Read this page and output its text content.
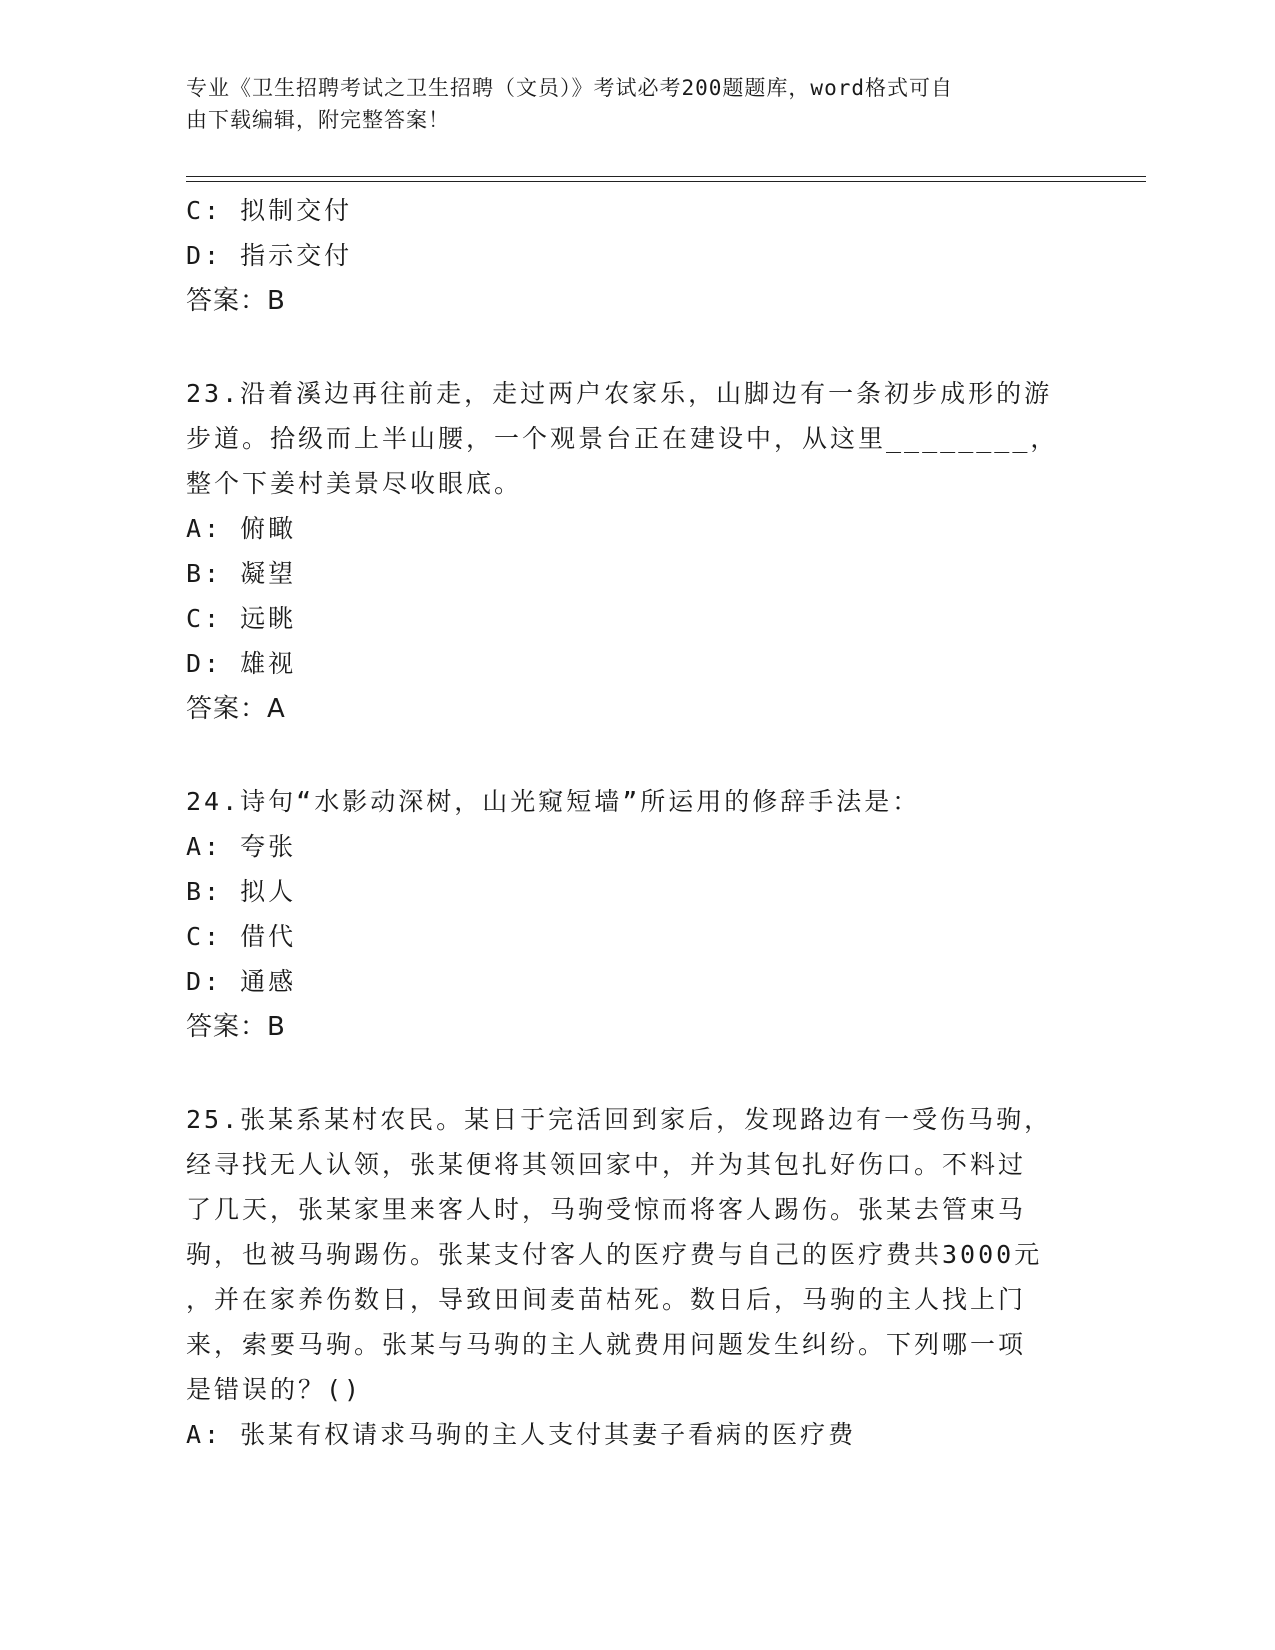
专业《卫生招聘考试之卫生招聘（文员）》考试必考200题题库，word格式可自
由下载编辑，附完整答案！
C: 拟制交付
D: 指示交付
答案：B
23.沿着溪边再往前走，走过两户农家乐，山脚边有一条初步成形的游
步道。拾级而上半山腰，一个观景台正在建设中，从这里________，
整个下姜村美景尽收眼底。
A: 俯瞰
B: 凝望
C: 远眺
D: 雄视
答案：A
24.诗句“水影动深树，山光窥短墙”所运用的修辞手法是：
A: 夸张
B: 拟人
C: 借代
D: 通感
答案：B
25.张某系某村农民。某日于完活回到家后，发现路边有一受伤马驹，
经寻找无人认领，张某便将其领回家中，并为其包扎好伤口。不料过
了几天，张某家里来客人时，马驹受惊而将客人踢伤。张某去管束马
驹，也被马驹踢伤。张某支付客人的医疗费与自己的医疗费共3000元
，并在家养伤数日，导致田间麦苗枯死。数日后，马驹的主人找上门
来，索要马驹。张某与马驹的主人就费用问题发生纠纷。下列哪一项
是错误的？()
A: 张某有权请求马驹的主人支付其妻子看病的医疗费
